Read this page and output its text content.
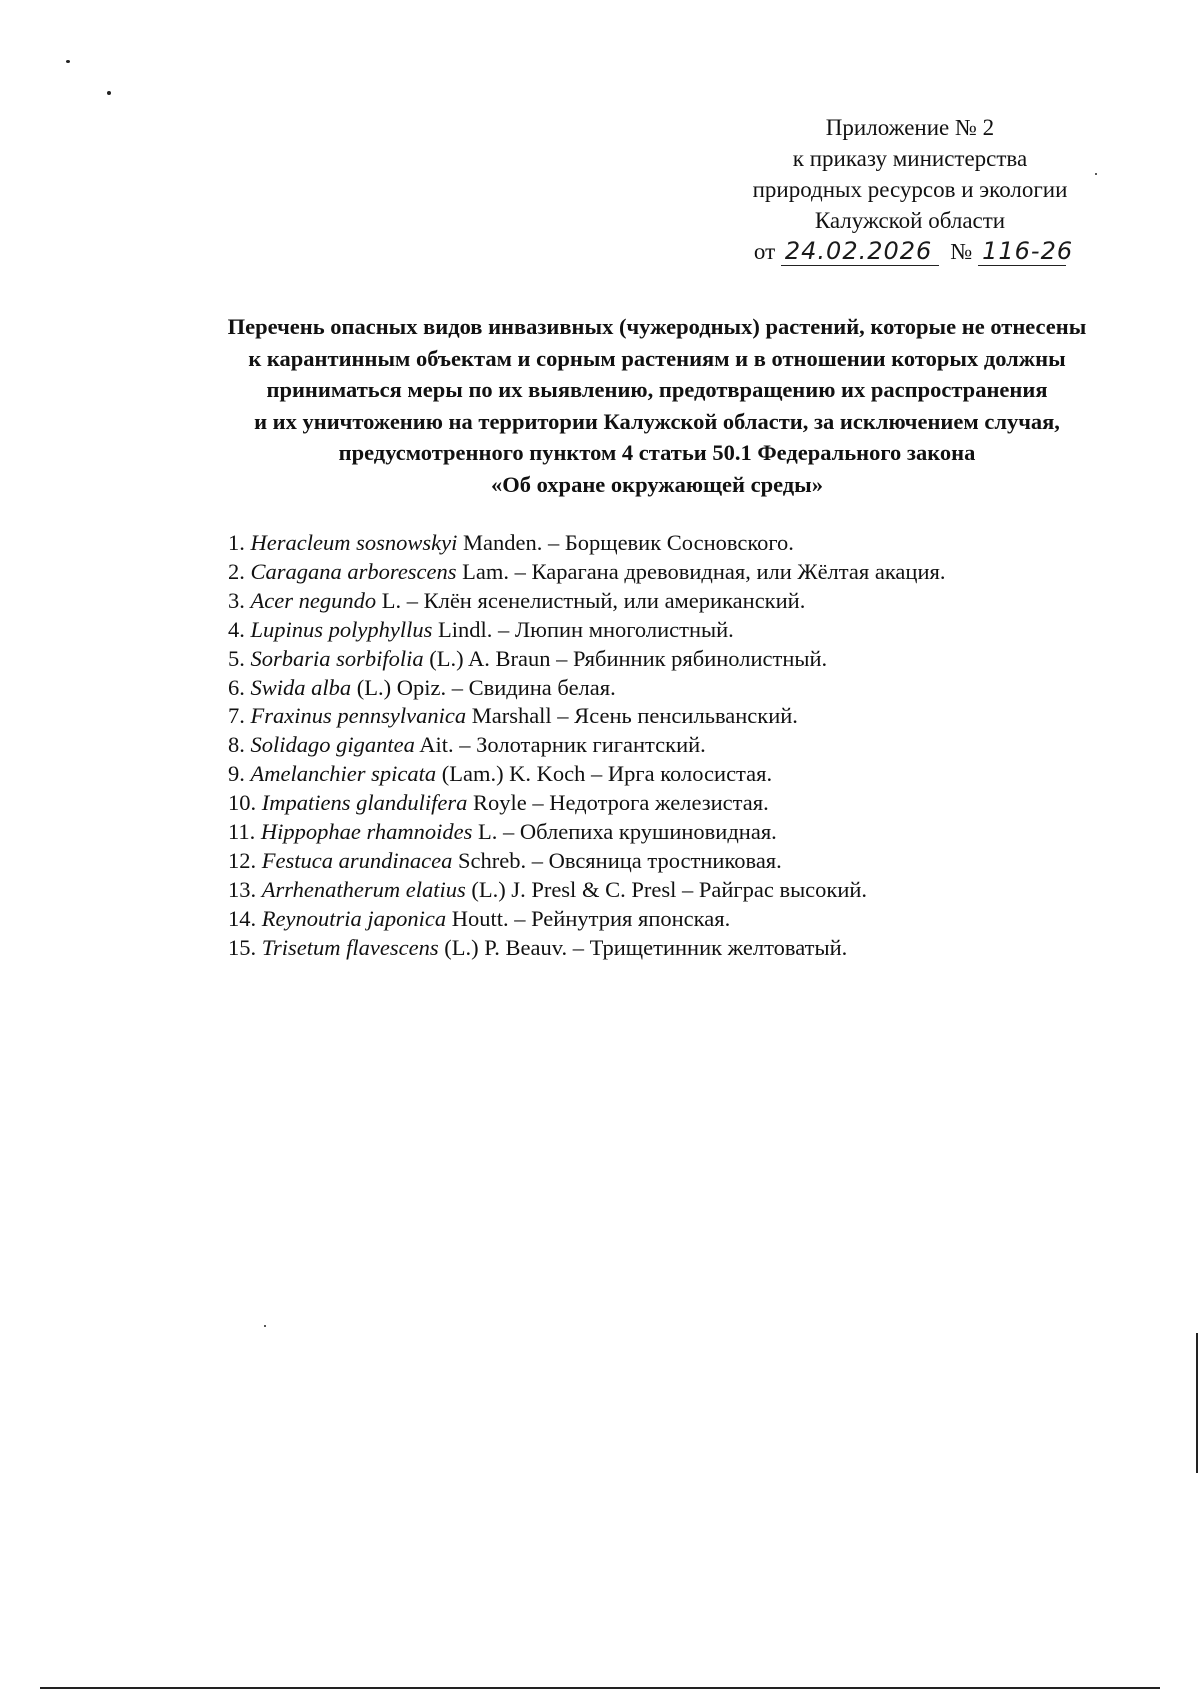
Приложение № 2
к приказу министерства
природных ресурсов и экологии
Калужской области
от 24.02.2026 № 116-26
Перечень опасных видов инвазивных (чужеродных) растений, которые не отнесены
к карантинным объектам и сорным растениям и в отношении которых должны
приниматься меры по их выявлению, предотвращению их распространения
и их уничтожению на территории Калужской области, за исключением случая,
предусмотренного пунктом 4 статьи 50.1 Федерального закона
«Об охране окружающей среды»
1. Heracleum sosnowskyi Manden. – Борщевик Сосновского.
2. Caragana arborescens Lam. – Карагана древовидная, или Жёлтая акация.
3. Acer negundo L. – Клён ясенелистный, или американский.
4. Lupinus polyphyllus Lindl. – Люпин многолистный.
5. Sorbaria sorbifolia (L.) A. Braun – Рябинник рябинолистный.
6. Swida alba (L.) Opiz. – Свидина белая.
7. Fraxinus pennsylvanica Marshall – Ясень пенсильванский.
8. Solidago gigantea Ait. – Золотарник гигантский.
9. Amelanchier spicata (Lam.) K. Koch – Ирга колосистая.
10. Impatiens glandulifera Royle – Недотрога железистая.
11. Hippophae rhamnoides L. – Облепиха крушиновидная.
12. Festuca arundinacea Schreb. – Овсяница тростниковая.
13. Arrhenatherum elatius (L.) J. Presl & C. Presl – Райграс высокий.
14. Reynoutria japonica Houtt. – Рейнутрия японская.
15. Trisetum flavescens (L.) P. Beauv. – Трищетинник желтоватый.
